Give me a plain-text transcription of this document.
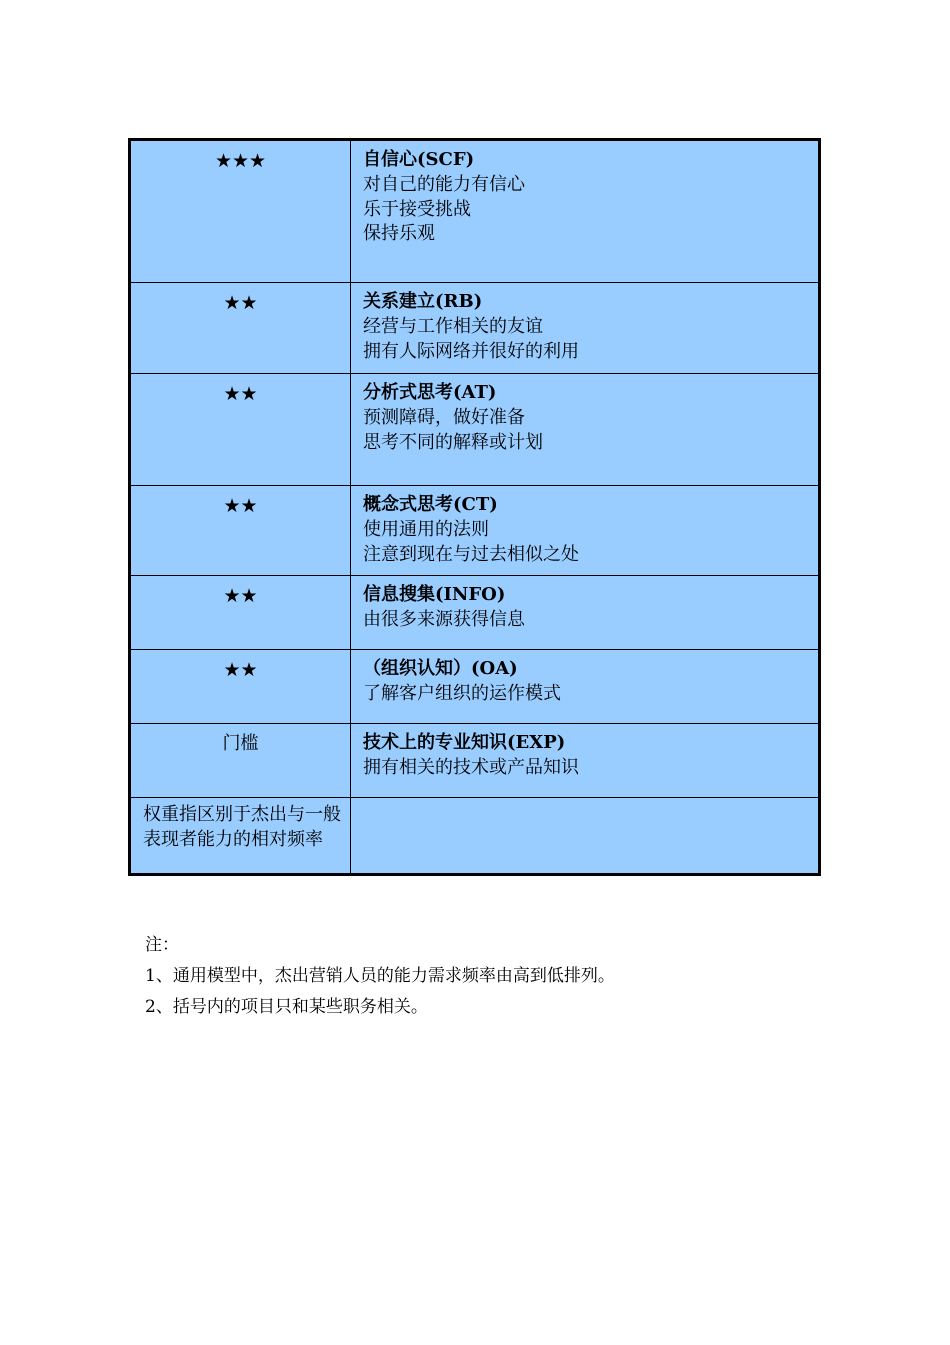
★★★	自信心(SCF)
对自己的能力有信心
乐于接受挑战
保持乐观
★★	关系建立(RB)
经营与工作相关的友谊
拥有人际网络并很好的利用
★★	分析式思考(AT)
预测障碍，做好准备
思考不同的解释或计划
★★	概念式思考(CT)
使用通用的法则
注意到现在与过去相似之处
★★	信息搜集(INFO)
由很多来源获得信息
★★	（组织认知）(OA)
了解客户组织的运作模式
门槛	技术上的专业知识(EXP)
拥有相关的技术或产品知识
权重指区别于杰出与一般表现者能力的相对频率
注：
1、通用模型中，杰出营销人员的能力需求频率由高到低排列。
2、括号内的项目只和某些职务相关。
